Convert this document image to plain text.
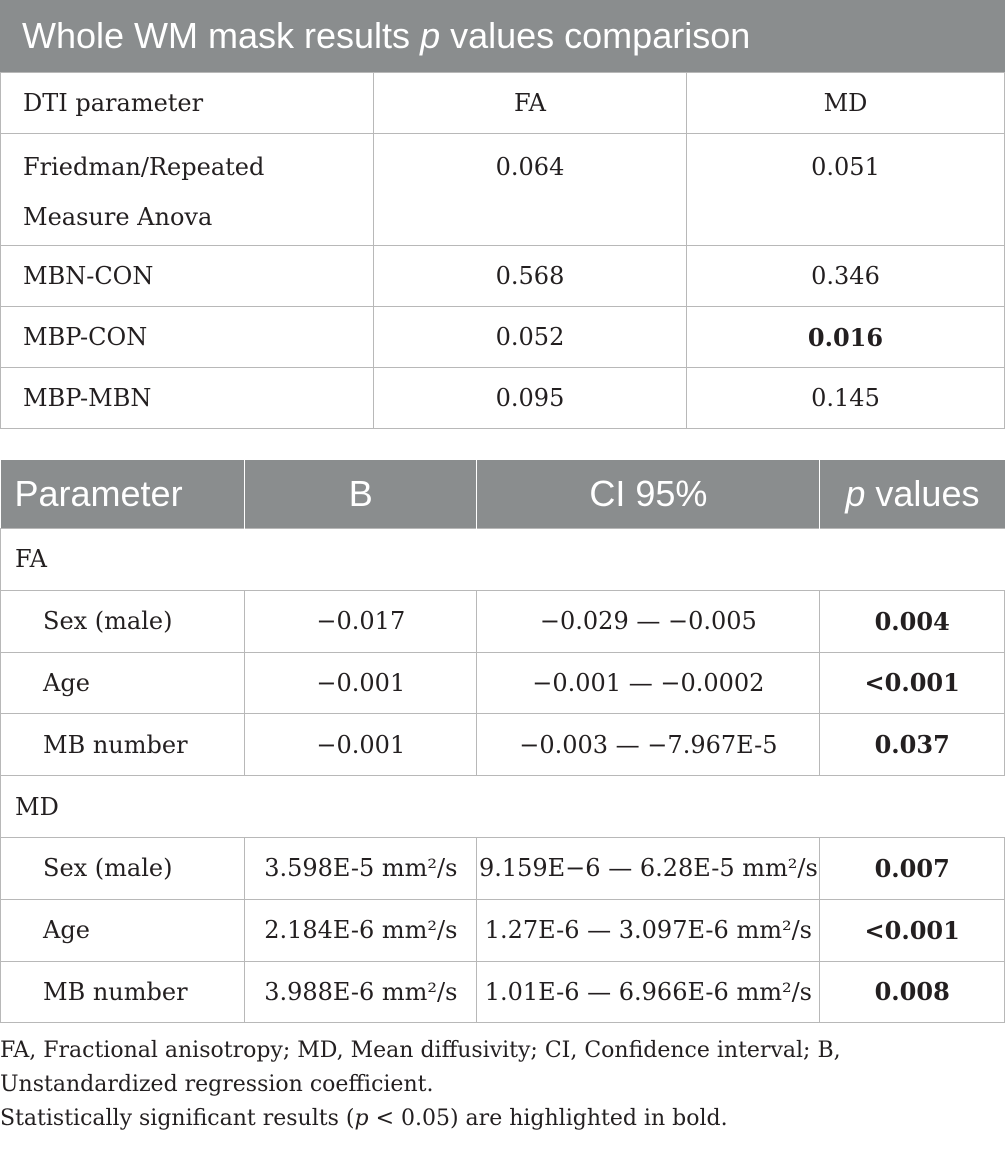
Whole WM mask results p values comparison
DTI parameter	FA	MD
Friedman/Repeated
Measure Anova	0.064	0.051
MBN-CON	0.568	0.346
MBP-CON	0.052	0.016
MBP-MBN	0.095	0.145
Parameter	B	CI 95%	p values
FA			
Sex (male)	−0.017	−0.029 — −0.005	0.004
Age	−0.001	−0.001 — −0.0002	<0.001
MB number	−0.001	−0.003 — −7.967E-5	0.037
MD			
Sex (male)	3.598E-5 mm²/s	9.159E−6 — 6.28E-5 mm²/s	0.007
Age	2.184E-6 mm²/s	1.27E-6 — 3.097E-6 mm²/s	<0.001
MB number	3.988E-6 mm²/s	1.01E-6 — 6.966E-6 mm²/s	0.008

FA, Fractional anisotropy; MD, Mean diffusivity; CI, Confidence interval; B, Unstandardized regression coefficient.

Statistically significant results (p < 0.05) are highlighted in bold.
